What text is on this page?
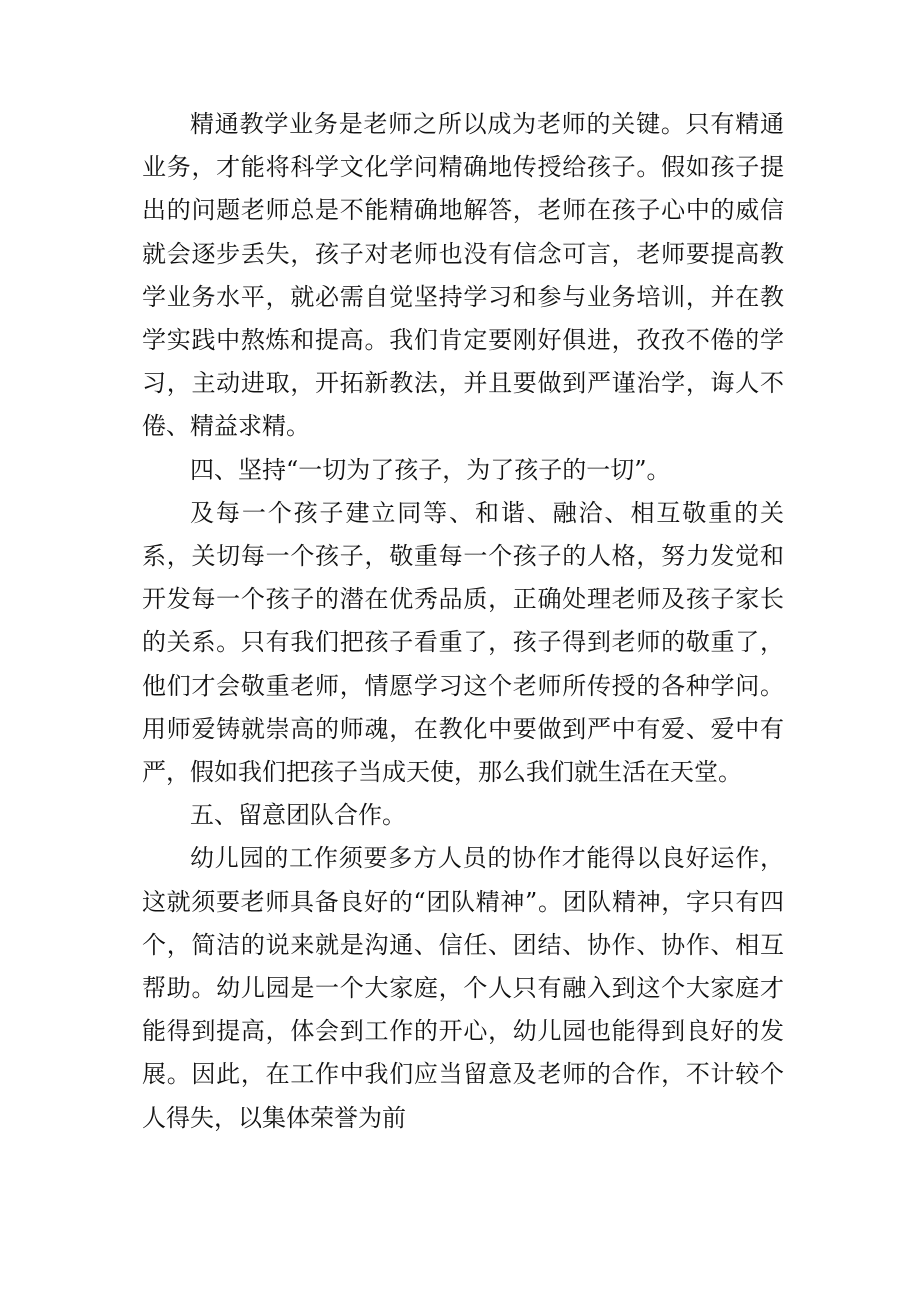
精通教学业务是老师之所以成为老师的关键。只有精通业务，才能将科学文化学问精确地传授给孩子。假如孩子提出的问题老师总是不能精确地解答，老师在孩子心中的威信就会逐步丢失，孩子对老师也没有信念可言，老师要提高教学业务水平，就必需自觉坚持学习和参与业务培训，并在教学实践中熬炼和提高。我们肯定要刚好俱进，孜孜不倦的学习，主动进取，开拓新教法，并且要做到严谨治学，诲人不倦、精益求精。

四、坚持“一切为了孩子，为了孩子的一切”。

及每一个孩子建立同等、和谐、融洽、相互敬重的关系，关切每一个孩子，敬重每一个孩子的人格，努力发觉和开发每一个孩子的潜在优秀品质，正确处理老师及孩子家长的关系。只有我们把孩子看重了，孩子得到老师的敬重了，他们才会敬重老师，情愿学习这个老师所传授的各种学问。用师爱铸就崇高的师魂，在教化中要做到严中有爱、爱中有严，假如我们把孩子当成天使，那么我们就生活在天堂。

五、留意团队合作。

幼儿园的工作须要多方人员的协作才能得以良好运作，这就须要老师具备良好的“团队精神”。团队精神，字只有四个，简洁的说来就是沟通、信任、团结、协作、协作、相互帮助。幼儿园是一个大家庭，个人只有融入到这个大家庭才能得到提高，体会到工作的开心，幼儿园也能得到良好的发展。因此，在工作中我们应当留意及老师的合作，不计较个人得失，以集体荣誉为前
